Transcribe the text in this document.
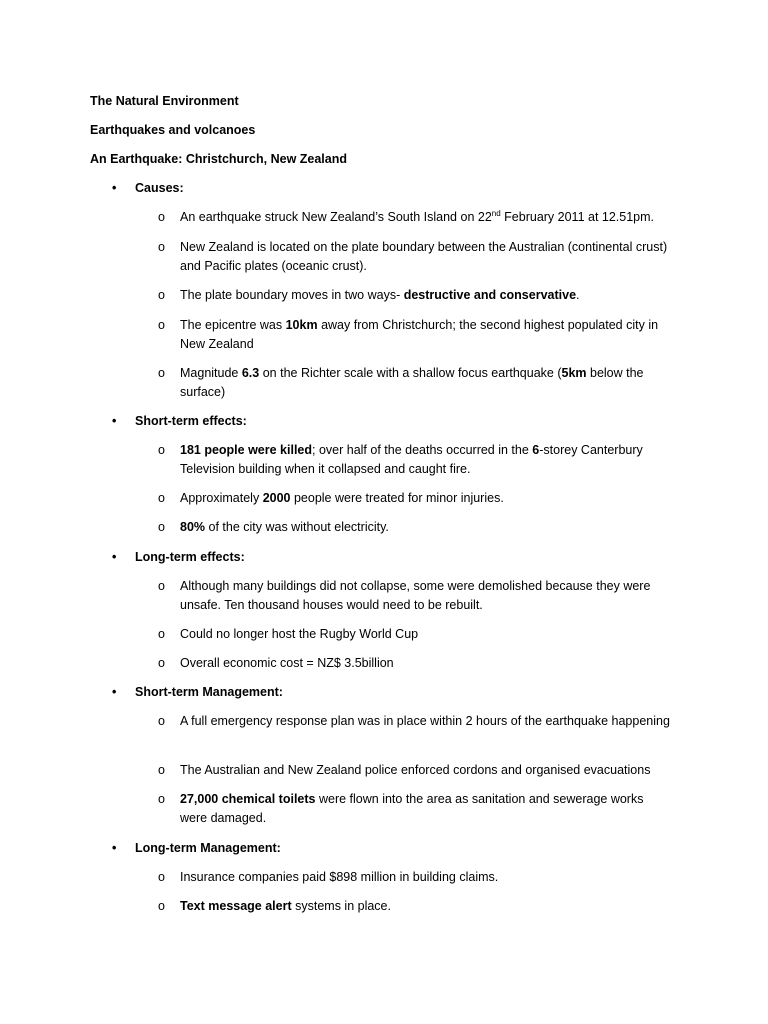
The Natural Environment

Earthquakes and volcanoes

An Earthquake: Christchurch, New Zealand

• Causes:
o An earthquake struck New Zealand’s South Island on 22nd February 2011 at 12.51pm.
o New Zealand is located on the plate boundary between the Australian (continental crust) and Pacific plates (oceanic crust).
o The plate boundary moves in two ways- destructive and conservative.
o The epicentre was 10km away from Christchurch; the second highest populated city in New Zealand
o Magnitude 6.3 on the Richter scale with a shallow focus earthquake (5km below the surface)
• Short-term effects:
o 181 people were killed; over half of the deaths occurred in the 6-storey Canterbury Television building when it collapsed and caught fire.
o Approximately 2000 people were treated for minor injuries.
o 80% of the city was without electricity.
• Long-term effects:
o Although many buildings did not collapse, some were demolished because they were unsafe. Ten thousand houses would need to be rebuilt.
o Could no longer host the Rugby World Cup
o Overall economic cost = NZ$ 3.5billion
• Short-term Management:
o A full emergency response plan was in place within 2 hours of the earthquake happening
o The Australian and New Zealand police enforced cordons and organised evacuations
o 27,000 chemical toilets were flown into the area as sanitation and sewerage works were damaged.
• Long-term Management:
o Insurance companies paid $898 million in building claims.
o Text message alert systems in place.
